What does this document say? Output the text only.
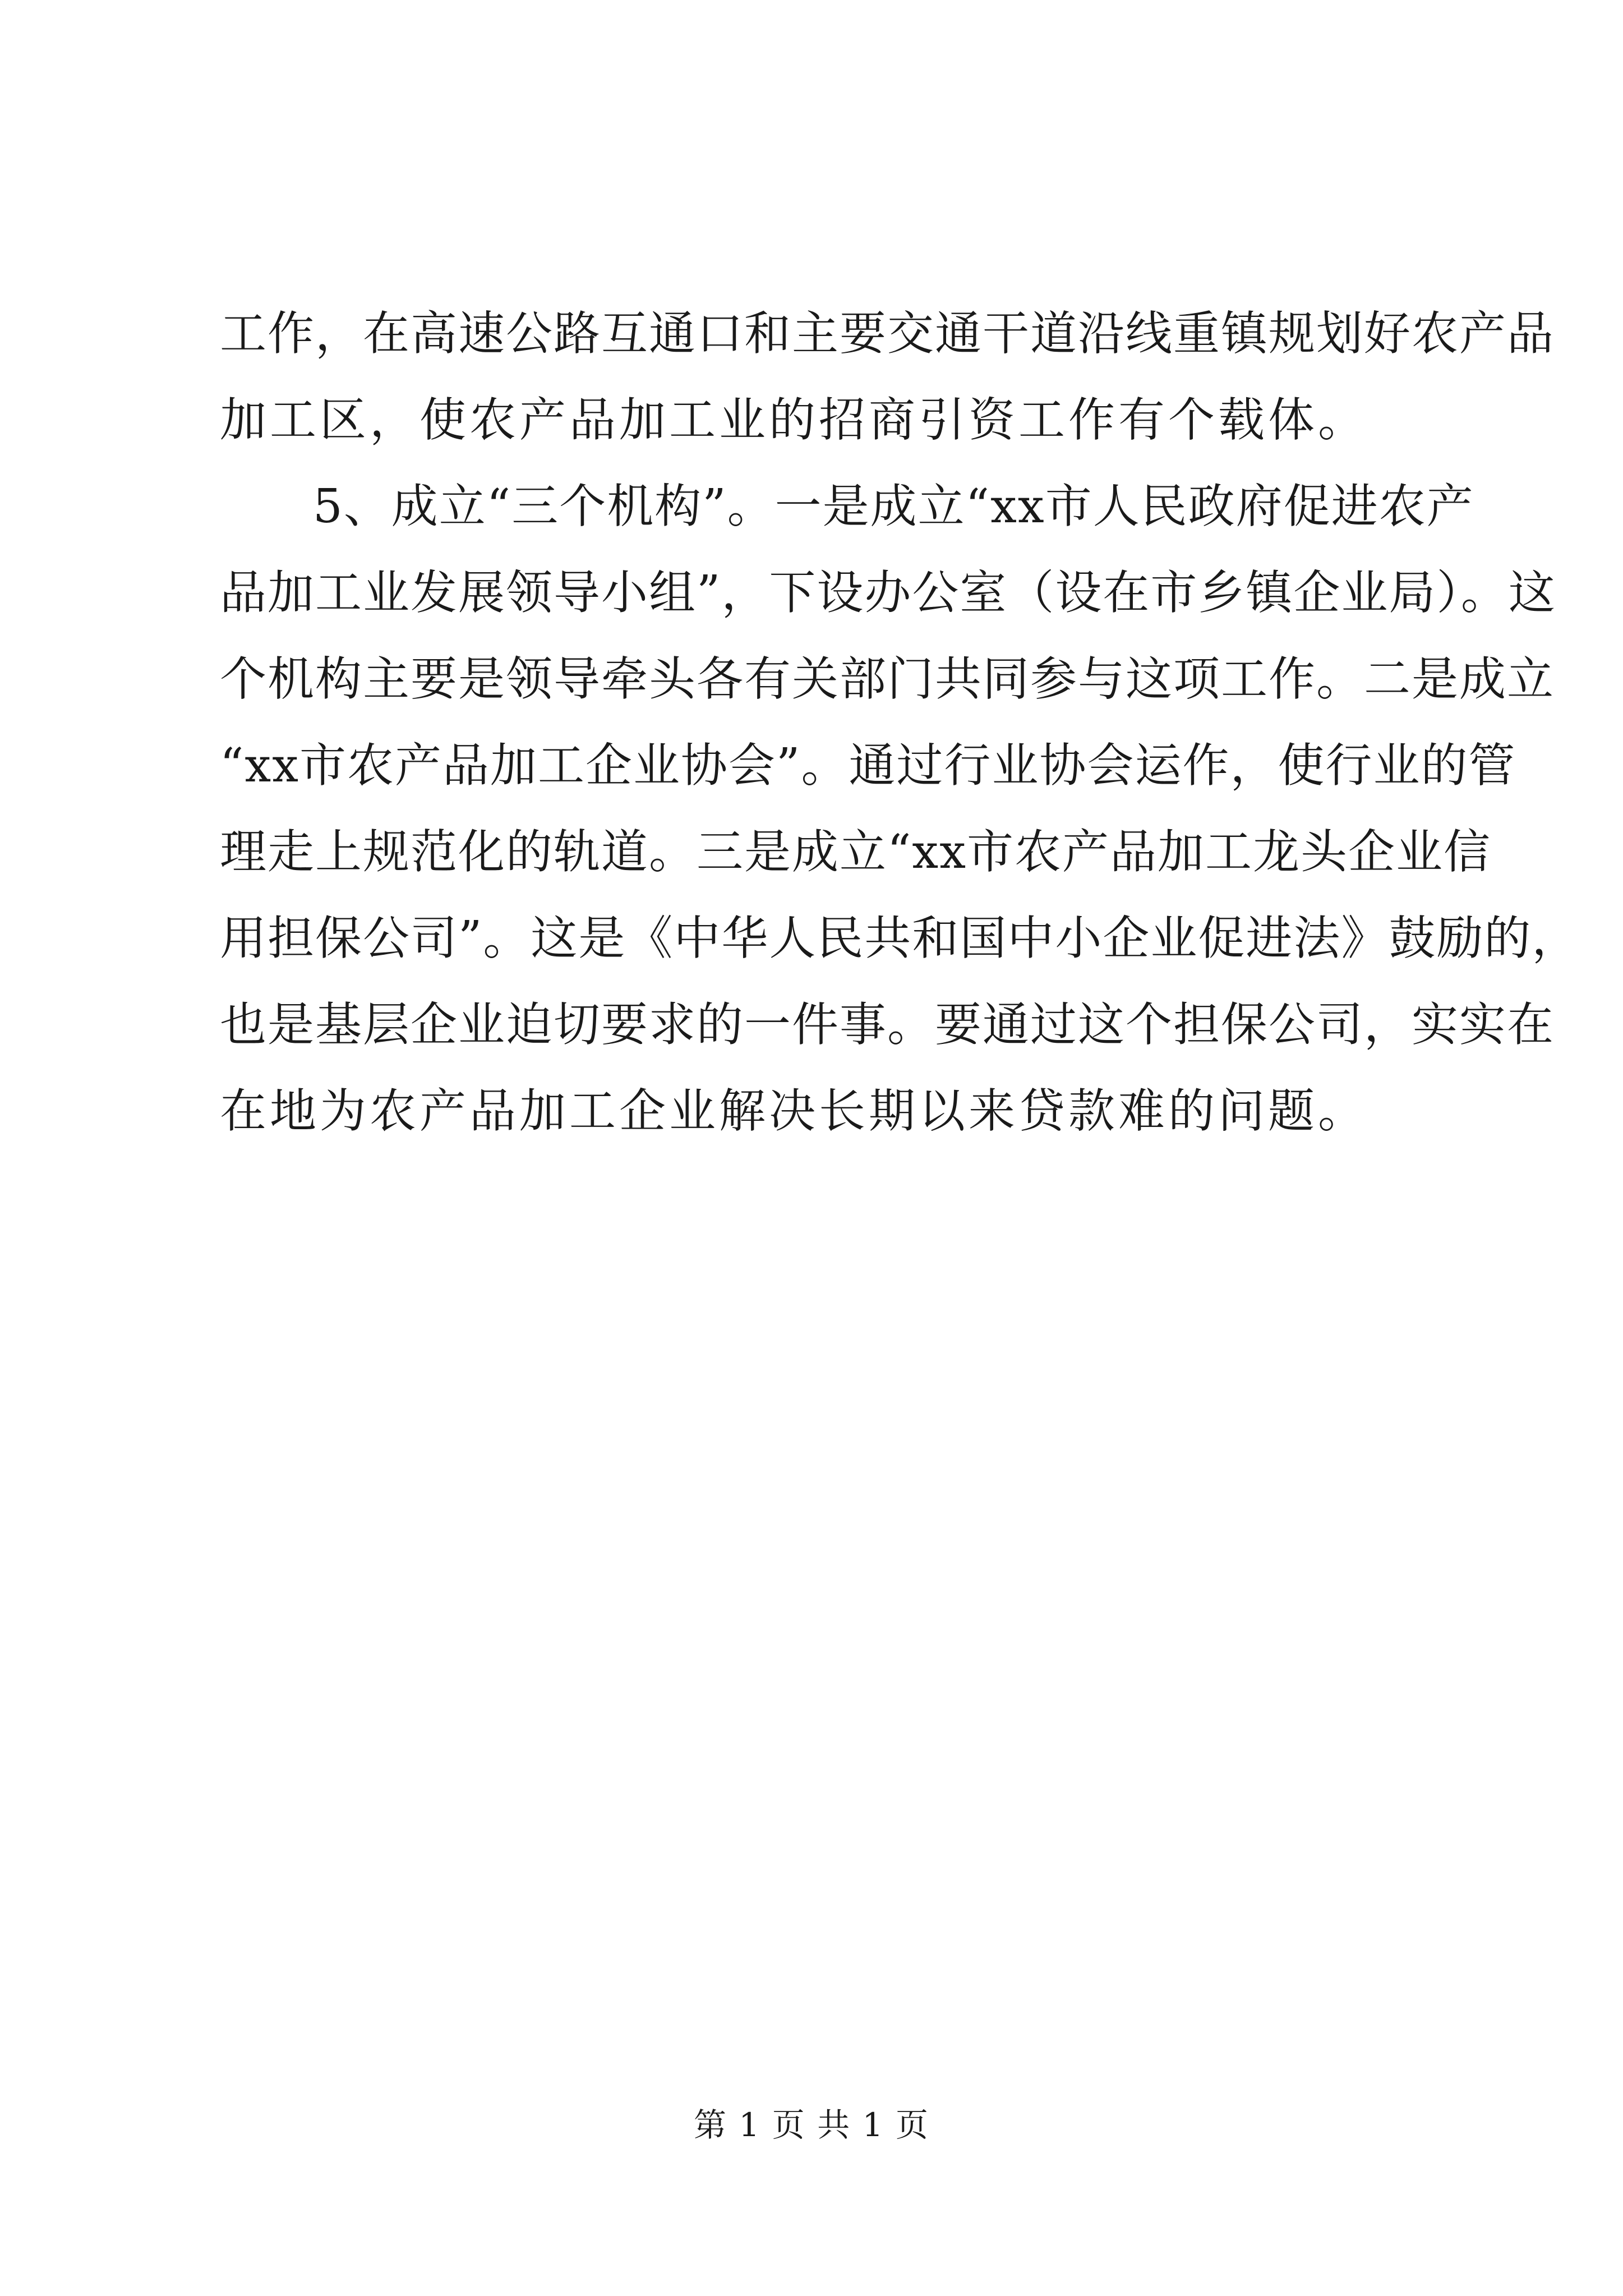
工作，在高速公路互通口和主要交通干道沿线重镇规划好农产品
加工区，使农产品加工业的招商引资工作有个载体。
5、成立“三个机构”。一是成立“xx市人民政府促进农产
品加工业发展领导小组”，下设办公室（设在市乡镇企业局）。这
个机构主要是领导牵头各有关部门共同参与这项工作。二是成立
“xx市农产品加工企业协会”。通过行业协会运作，使行业的管
理走上规范化的轨道。三是成立“xx市农产品加工龙头企业信
用担保公司”。这是《中华人民共和国中小企业促进法》鼓励的，
也是基层企业迫切要求的一件事。要通过这个担保公司，实实在
在地为农产品加工企业解决长期以来贷款难的问题。
第 1 页 共 1 页
